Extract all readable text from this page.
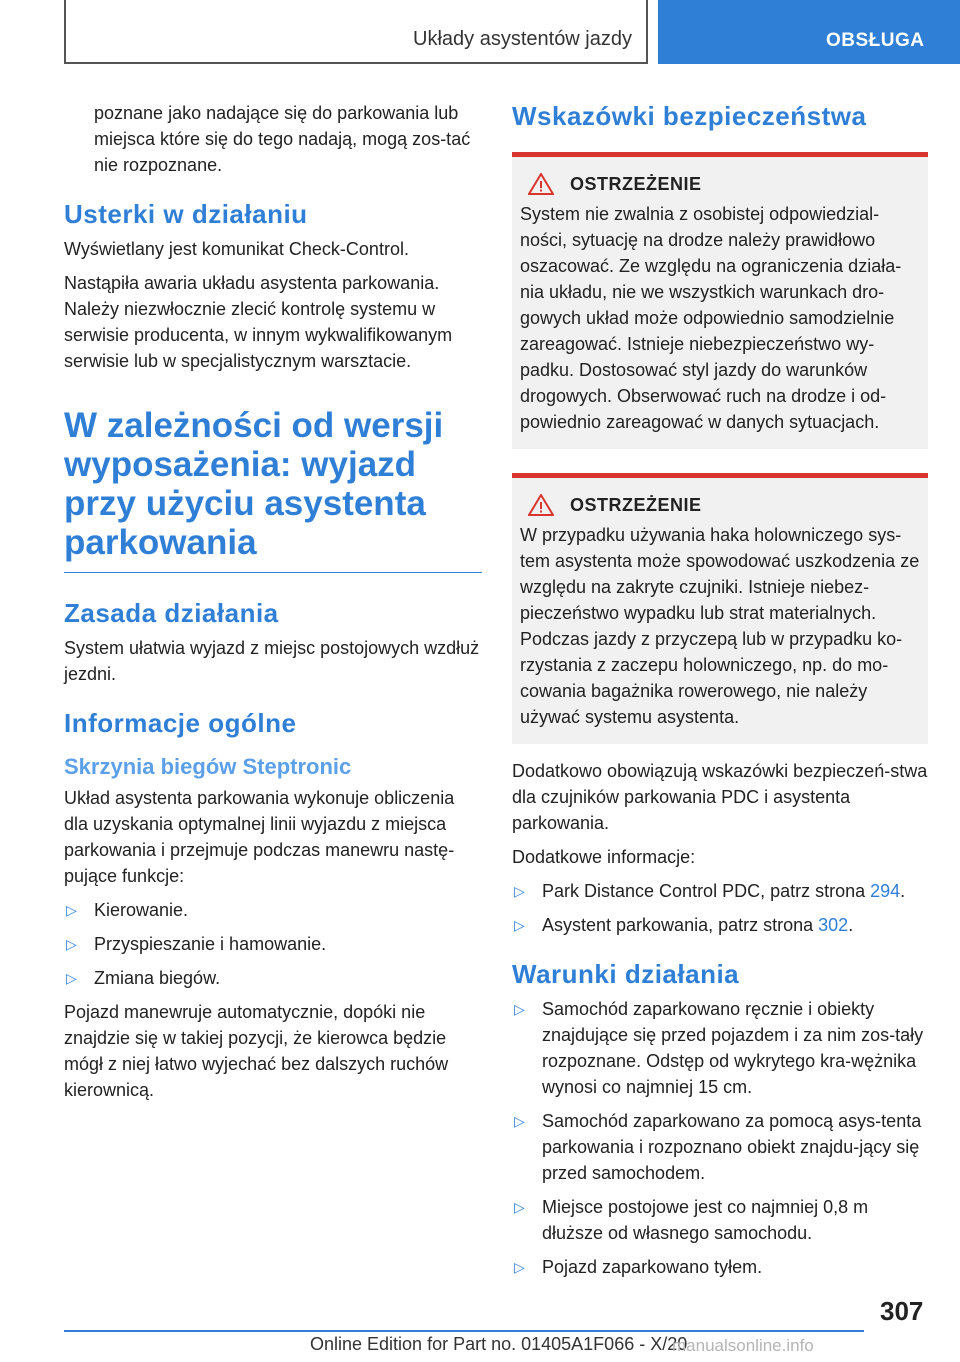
Układy asystentów jazdy	OBSŁUGA

poznane jako nadające się do parkowania lub miejsca które się do tego nadają, mogą zos-tać nie rozpoznane.

Usterki w działaniu

Wyświetlany jest komunikat Check-Control.

Nastąpiła awaria układu asystenta parkowania. Należy niezwłocznie zlecić kontrolę systemu w serwisie producenta, w innym wykwalifikowanym serwisie lub w specjalistycznym warsztacie.

W zależności od wersji wyposażenia: wyjazd przy użyciu asystenta parkowania
Zasada działania

System ułatwia wyjazd z miejsc postojowych wzdłuż jezdni.

Informacje ogólne
Skrzynia biegów Steptronic

Układ asystenta parkowania wykonuje obliczenia dla uzyskania optymalnej linii wyjazdu z miejsca parkowania i przejmuje podczas manewru nastę-pujące funkcje:

▷ Kierowanie.
▷ Przyspieszanie i hamowanie.
▷ Zmiana biegów.

Pojazd manewruje automatycznie, dopóki nie znajdzie się w takiej pozycji, że kierowca będzie mógł z niej łatwo wyjechać bez dalszych ruchów kierownicą.

Wskazówki bezpieczeństwa
OSTRZEŻENIE

System nie zwalnia z osobistej odpowiedzial-ności, sytuację na drodze należy prawidłowo oszacować. Ze względu na ograniczenia działa-nia układu, nie we wszystkich warunkach dro-gowych układ może odpowiednio samodzielnie zareagować. Istnieje niebezpieczeństwo wy-padku. Dostosować styl jazdy do warunków drogowych. Obserwować ruch na drodze i od-powiednio zareagować w danych sytuacjach.

OSTRZEŻENIE

W przypadku używania haka holowniczego sys-tem asystenta może spowodować uszkodzenia ze względu na zakryte czujniki. Istnieje niebez-pieczeństwo wypadku lub strat materialnych. Podczas jazdy z przyczepą lub w przypadku ko-rzystania z zaczepu holowniczego, np. do mo-cowania bagażnika rowerowego, nie należy używać systemu asystenta.

Dodatkowo obowiązują wskazówki bezpieczeń-stwa dla czujników parkowania PDC i asystenta parkowania.

Dodatkowe informacje:

▷ Park Distance Control PDC, patrz strona 294.
▷ Asystent parkowania, patrz strona 302.
Warunki działania
▷ Samochód zaparkowano ręcznie i obiekty znajdujące się przed pojazdem i za nim zos-tały rozpoznane. Odstęp od wykrytego kra-wężnika wynosi co najmniej 15 cm.
▷ Samochód zaparkowano za pomocą asys-tenta parkowania i rozpoznano obiekt znajdu-jący się przed samochodem.
▷ Miejsce postojowe jest co najmniej 0,8 m dłuższe od własnego samochodu.
▷ Pojazd zaparkowano tyłem.
307
Online Edition for Part no. 01405A1F066 - X/20
manualsonline.info
